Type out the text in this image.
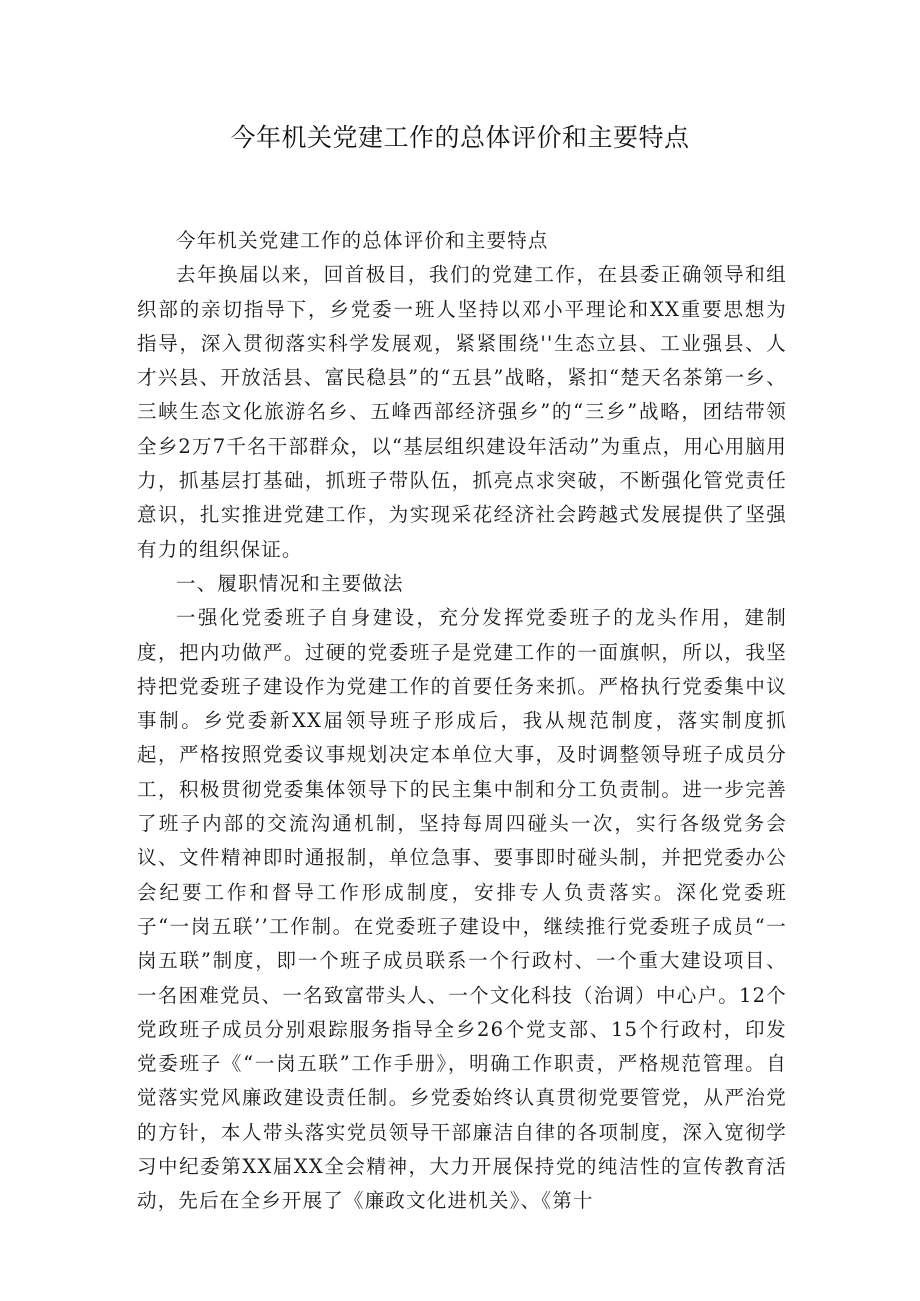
今年机关党建工作的总体评价和主要特点

今年机关党建工作的总体评价和主要特点

去年换届以来，回首极目，我们的党建工作，在县委正确领导和组织部的亲切指导下，乡党委一班人坚持以邓小平理论和XX重要思想为指导，深入贯彻落实科学发展观，紧紧围绕''生态立县、工业强县、人才兴县、开放活县、富民稳县”的“五县”战略，紧扣“楚天名茶第一乡、三峡生态文化旅游名乡、五峰西部经济强乡”的“三乡”战略，团结带领全乡2万7千名干部群众，以“基层组织建设年活动”为重点，用心用脑用力，抓基层打基础，抓班子带队伍，抓亮点求突破，不断强化管党责任意识，扎实推进党建工作，为实现采花经济社会跨越式发展提供了坚强有力的组织保证。

一、履职情况和主要做法

一强化党委班子自身建设，充分发挥党委班子的龙头作用，建制度，把内功做严。过硬的党委班子是党建工作的一面旗帜，所以，我坚持把党委班子建设作为党建工作的首要任务来抓。严格执行党委集中议事制。乡党委新XX届领导班子形成后，我从规范制度，落实制度抓起，严格按照党委议事规划决定本单位大事，及时调整领导班子成员分工，积极贯彻党委集体领导下的民主集中制和分工负责制。进一步完善了班子内部的交流沟通机制，坚持每周四碰头一次，实行各级党务会议、文件精神即时通报制，单位急事、要事即时碰头制，并把党委办公会纪要工作和督导工作形成制度，安排专人负责落实。深化党委班子“一岗五联’’工作制。在党委班子建设中，继续推行党委班子成员“一岗五联”制度，即一个班子成员联系一个行政村、一个重大建设项目、一名困难党员、一名致富带头人、一个文化科技（治调）中心户。12个党政班子成员分别艰踪服务指导全乡26个党支部、15个行政村，印发党委班子《“一岗五联”工作手册》，明确工作职责，严格规范管理。自觉落实党风廉政建设责任制。乡党委始终认真贯彻党要管党，从严治党的方针，本人带头落实党员领导干部廉洁自律的各项制度，深入宽彻学习中纪委第XX届XX全会精神，大力开展保持党的纯洁性的宣传教育活动，先后在全乡开展了《廉政文化进机关》、《第十
